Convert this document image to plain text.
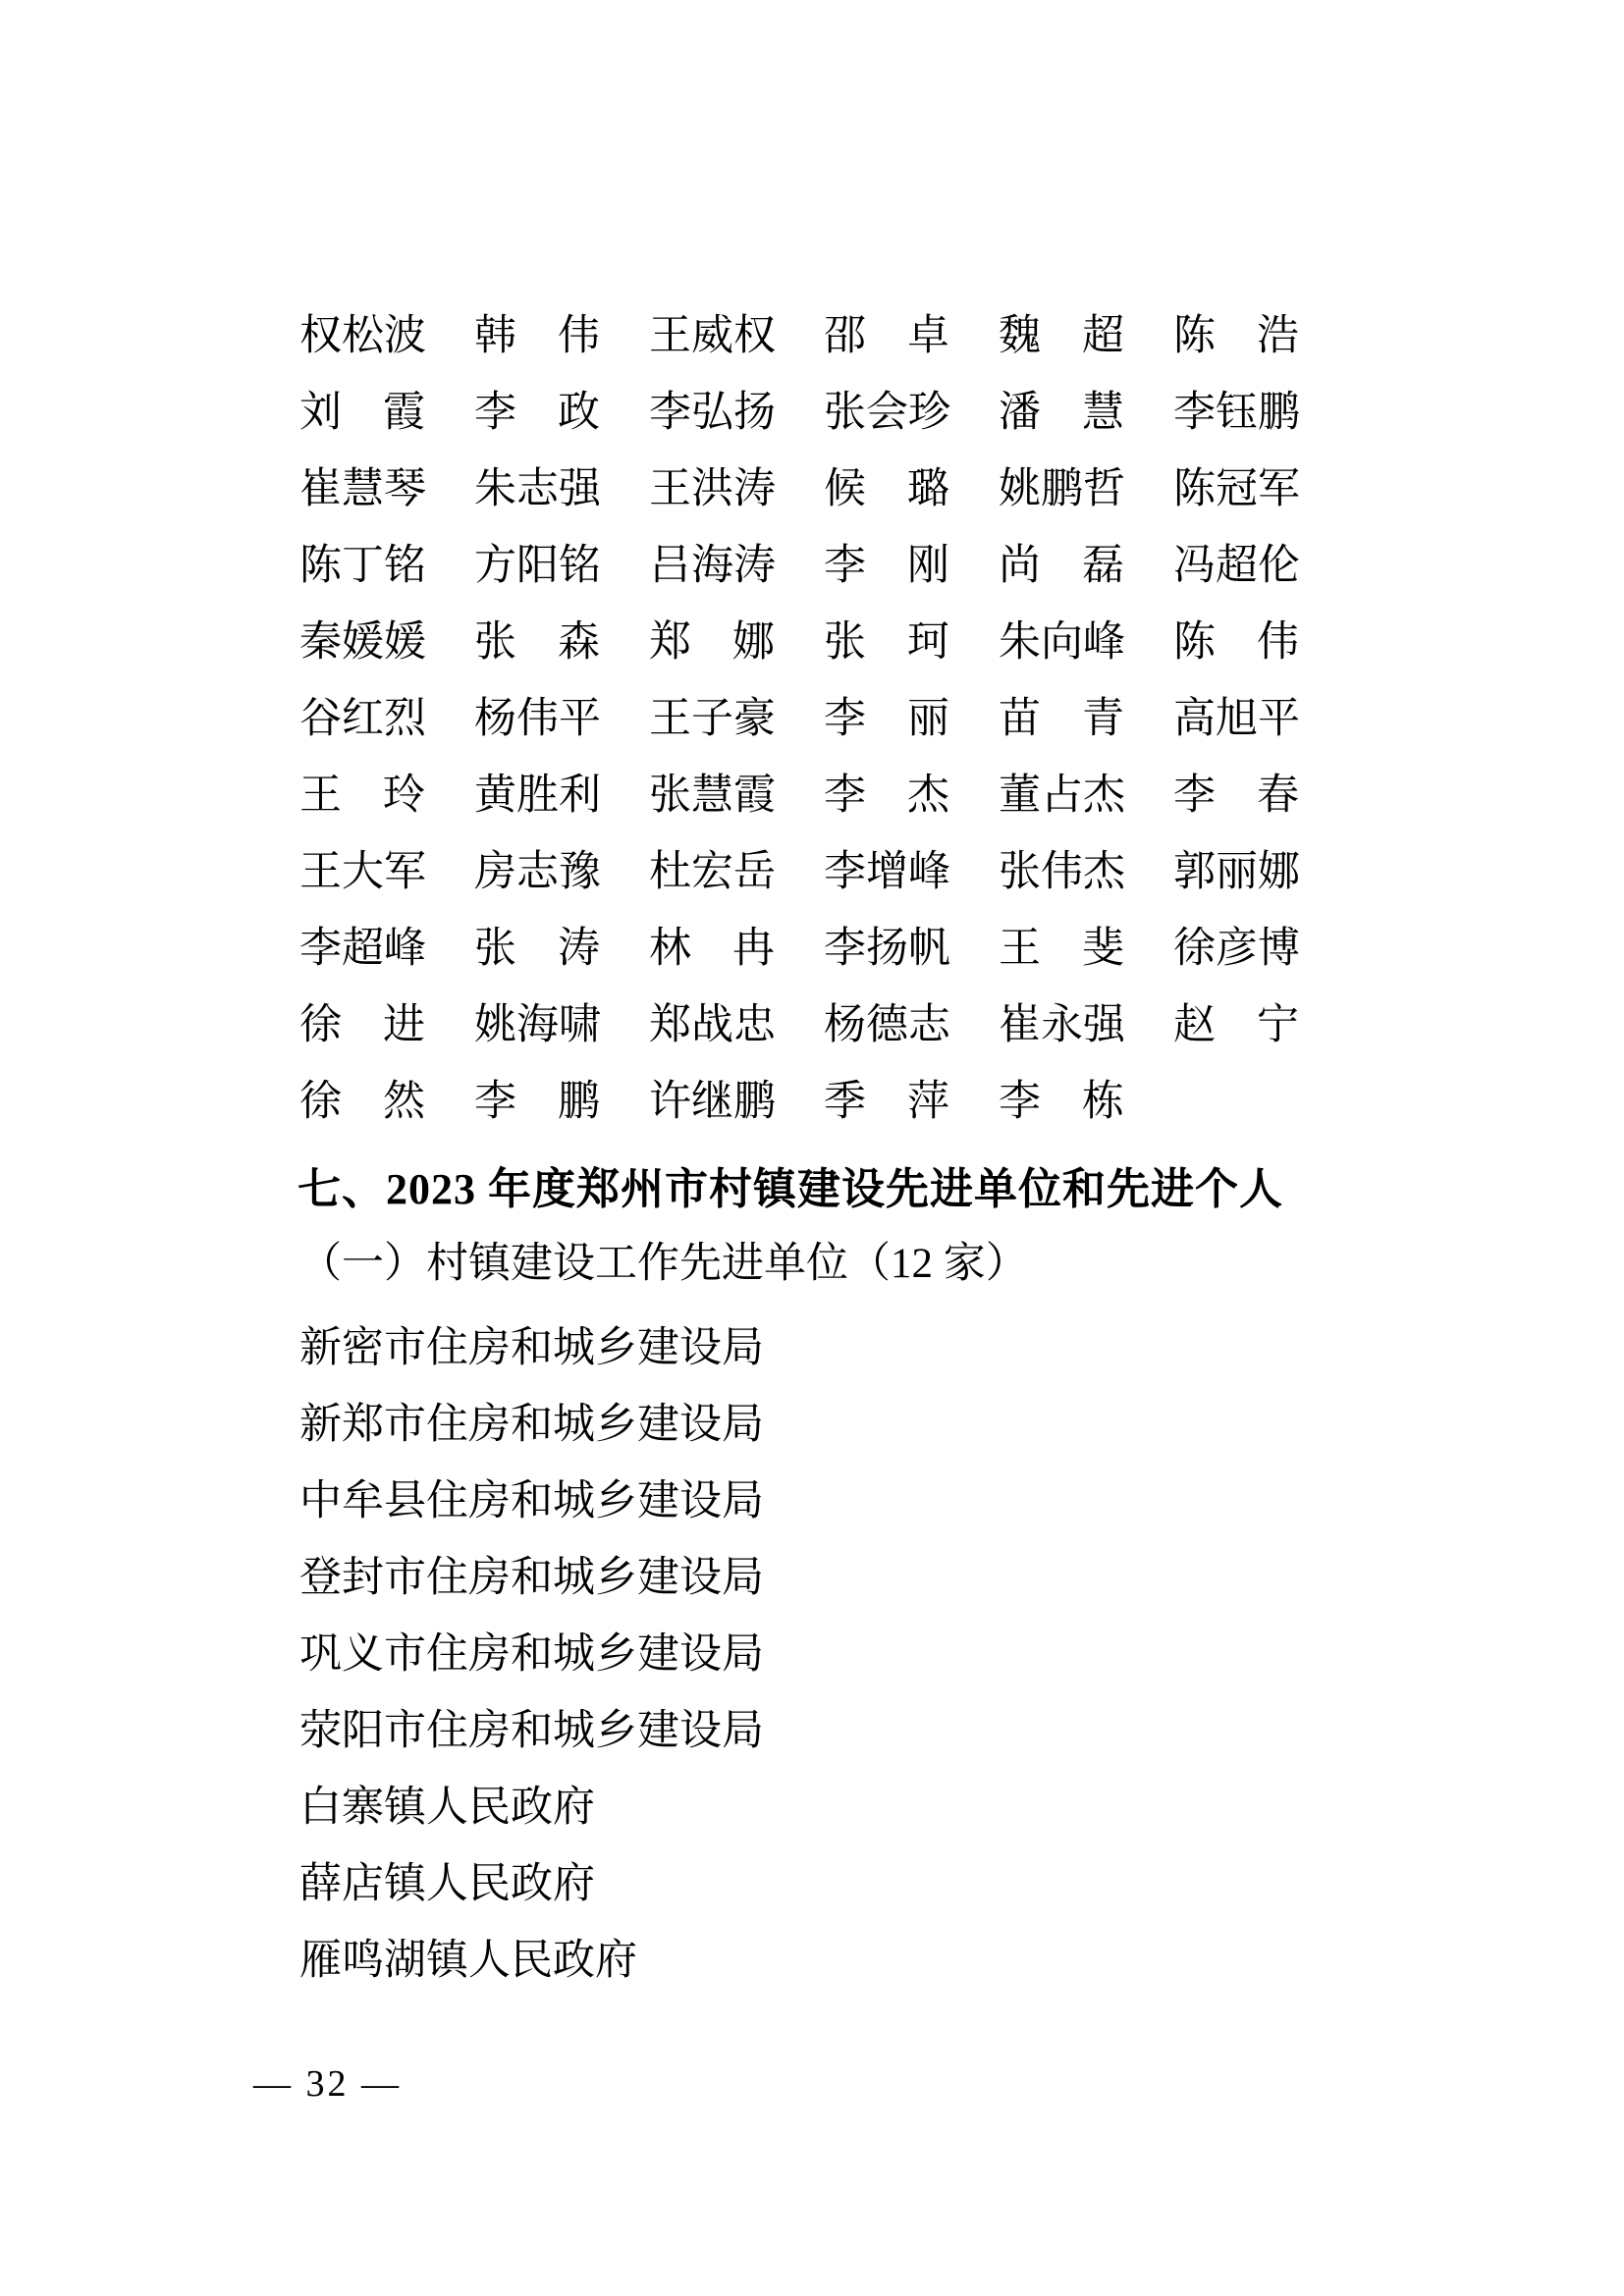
权 松 波 韩 伟 王 威 权 邵 卓 魏 超 陈 浩
刘 霞 李 政 李 弘 扬 张 会 珍 潘 慧 李 钰 鹏
崔 慧 琴 朱 志 强 王 洪 涛 候 璐 姚 鹏 哲 陈 冠 军
陈 丁 铭 方 阳 铭 吕 海 涛 李 刚 尚 磊 冯 超 伦
秦 媛 媛 张 森 郑 娜 张 珂 朱 向 峰 陈 伟
谷 红 烈 杨 伟 平 王 子 豪 李 丽 苗 青 高 旭 平
王 玲 黄 胜 利 张 慧 霞 李 杰 董 占 杰 李 春
王 大 军 房 志 豫 杜 宏 岳 李 增 峰 张 伟 杰 郭 丽 娜
李 超 峰 张 涛 林 冉 李 扬 帆 王 斐 徐 彦 博
徐 进 姚 海 啸 郑 战 忠 杨 德 志 崔 永 强 赵 宁
徐 然 李 鹏 许 继 鹏 季 萍 李 栋
七、2023 年度郑州市村镇建设先进单位和先进个人
（一）村镇建设工作先进单位（12 家）
新密市住房和城乡建设局
新郑市住房和城乡建设局
中牟县住房和城乡建设局
登封市住房和城乡建设局
巩义市住房和城乡建设局
荥阳市住房和城乡建设局
白寨镇人民政府
薛店镇人民政府
雁鸣湖镇人民政府
— 32 —
